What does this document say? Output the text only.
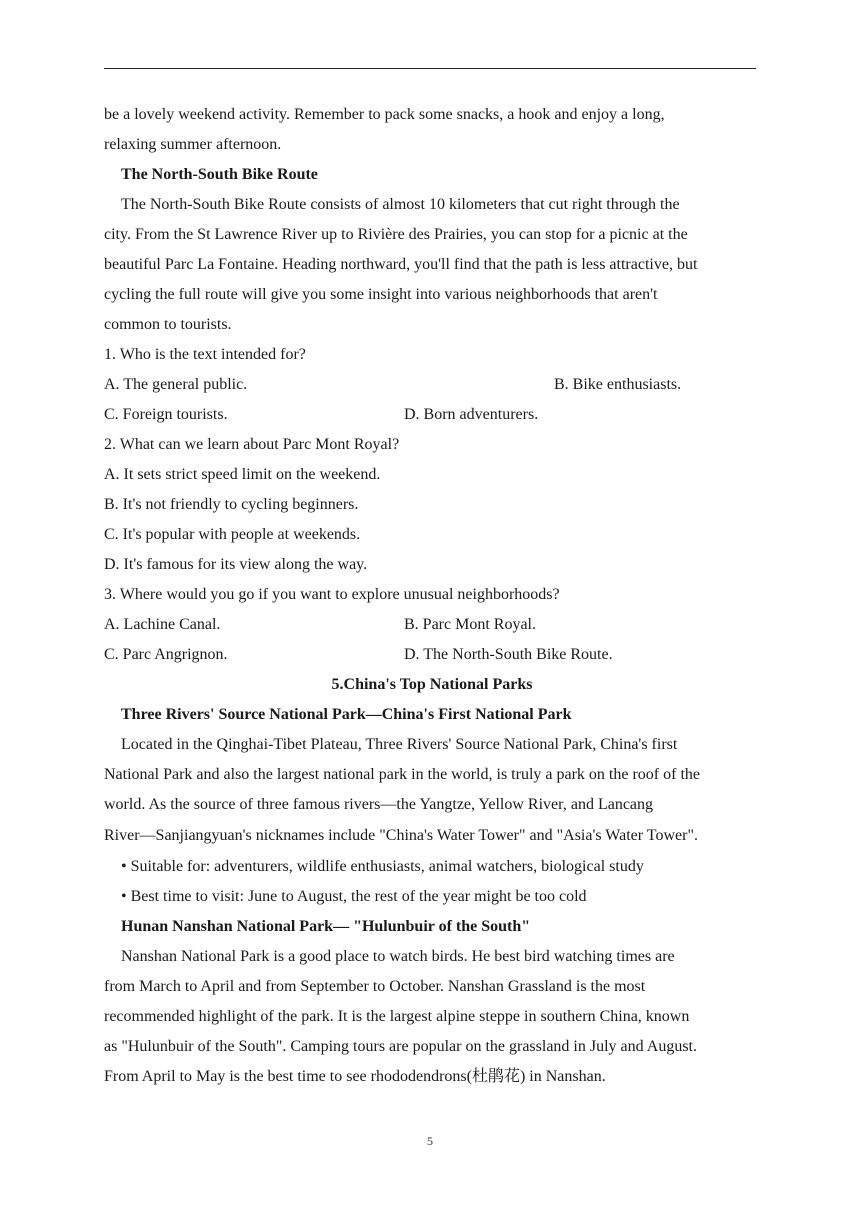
be a lovely weekend activity. Remember to pack some snacks, a hook and enjoy a long,
relaxing summer afternoon.
The North-South Bike Route
The North-South Bike Route consists of almost 10 kilometers that cut right through the
city. From the St Lawrence River up to Rivière des Prairies, you can stop for a picnic at the
beautiful Parc La Fontaine. Heading northward, you'll find that the path is less attractive, but
cycling the full route will give you some insight into various neighborhoods that aren't
common to tourists.
1. Who is the text intended for?
A. The general public.	B. Bike enthusiasts.
C. Foreign tourists.	D. Born adventurers.
2. What can we learn about Parc Mont Royal?
A. It sets strict speed limit on the weekend.
B. It's not friendly to cycling beginners.
C. It's popular with people at weekends.
D. It's famous for its view along the way.
3. Where would you go if you want to explore unusual neighborhoods?
A. Lachine Canal.	B. Parc Mont Royal.
C. Parc Angrignon.	D. The North-South Bike Route.
5.China's Top National Parks
Three Rivers' Source National Park—China's First National Park
Located in the Qinghai-Tibet Plateau, Three Rivers' Source National Park, China's first
National Park and also the largest national park in the world, is truly a park on the roof of the
world. As the source of three famous rivers—the Yangtze, Yellow River, and Lancang
River—Sanjiangyuan's nicknames include "China's Water Tower" and "Asia's Water Tower".
• Suitable for: adventurers, wildlife enthusiasts, animal watchers, biological study
• Best time to visit: June to August, the rest of the year might be too cold
Hunan Nanshan National Park— "Hulunbuir of the South"
Nanshan National Park is a good place to watch birds. He best bird watching times are
from March to April and from September to October. Nanshan Grassland is the most
recommended highlight of the park. It is the largest alpine steppe in southern China, known
as "Hulunbuir of the South". Camping tours are popular on the grassland in July and August.
From April to May is the best time to see rhododendrons(杜鹃花) in Nanshan.
5
